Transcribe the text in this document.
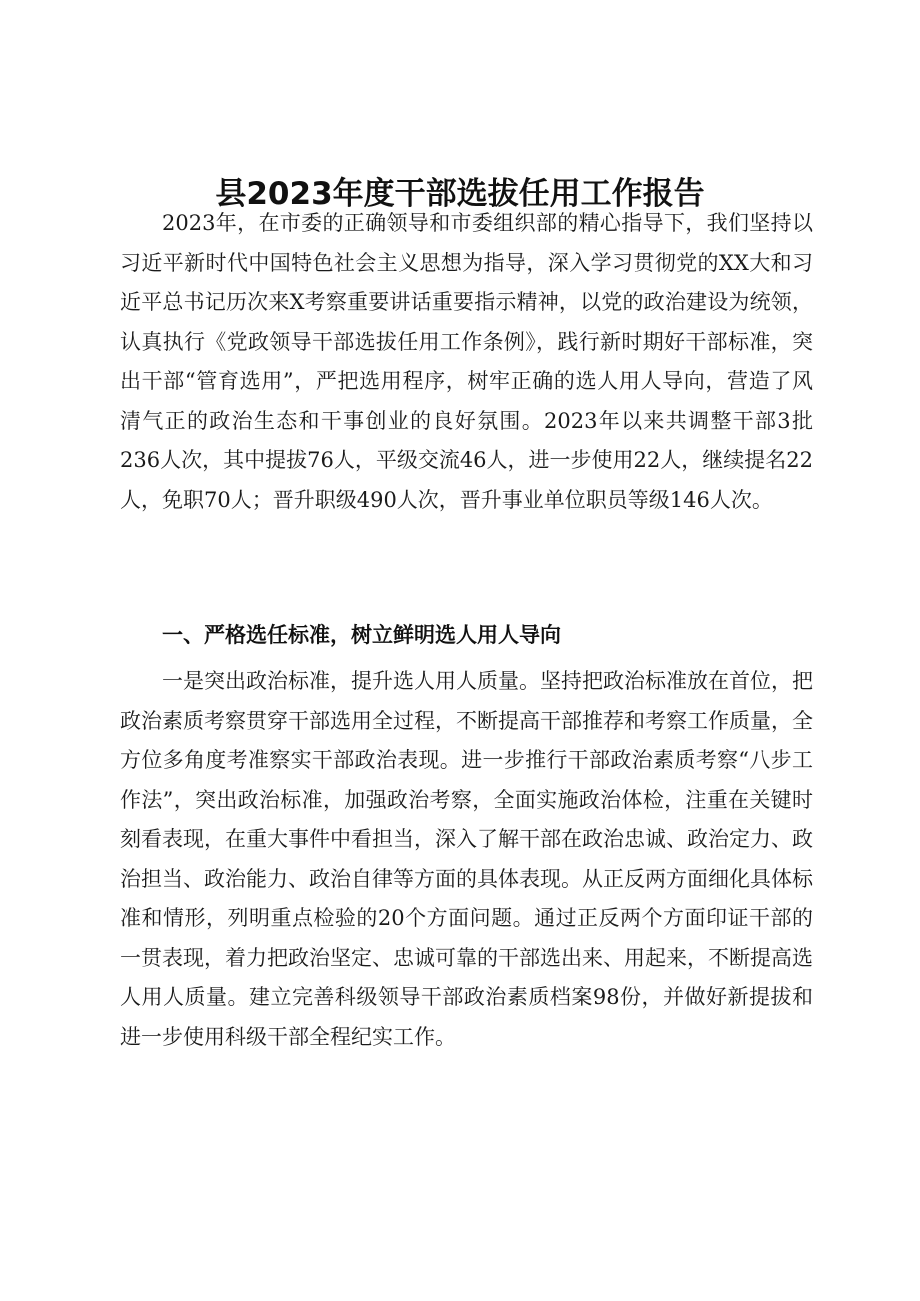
县2023年度干部选拔任用工作报告

2023年，在市委的正确领导和市委组织部的精心指导下，我们坚持以习近平新时代中国特色社会主义思想为指导，深入学习贯彻党的XX大和习近平总书记历次来X考察重要讲话重要指示精神，以党的政治建设为统领，认真执行《党政领导干部选拔任用工作条例》，践行新时期好干部标准，突出干部“管育选用”，严把选用程序，树牢正确的选人用人导向，营造了风清气正的政治生态和干事创业的良好氛围。2023年以来共调整干部3批236人次，其中提拔76人，平级交流46人，进一步使用22人，继续提名22人，免职70人；晋升职级490人次，晋升事业单位职员等级146人次。

一、严格选任标准，树立鲜明选人用人导向

一是突出政治标准，提升选人用人质量。坚持把政治标准放在首位，把政治素质考察贯穿干部选用全过程，不断提高干部推荐和考察工作质量，全方位多角度考准察实干部政治表现。进一步推行干部政治素质考察“八步工作法”，突出政治标准，加强政治考察，全面实施政治体检，注重在关键时刻看表现，在重大事件中看担当，深入了解干部在政治忠诚、政治定力、政治担当、政治能力、政治自律等方面的具体表现。从正反两方面细化具体标准和情形，列明重点检验的20个方面问题。通过正反两个方面印证干部的一贯表现，着力把政治坚定、忠诚可靠的干部选出来、用起来，不断提高选人用人质量。建立完善科级领导干部政治素质档案98份，并做好新提拔和进一步使用科级干部全程纪实工作。
